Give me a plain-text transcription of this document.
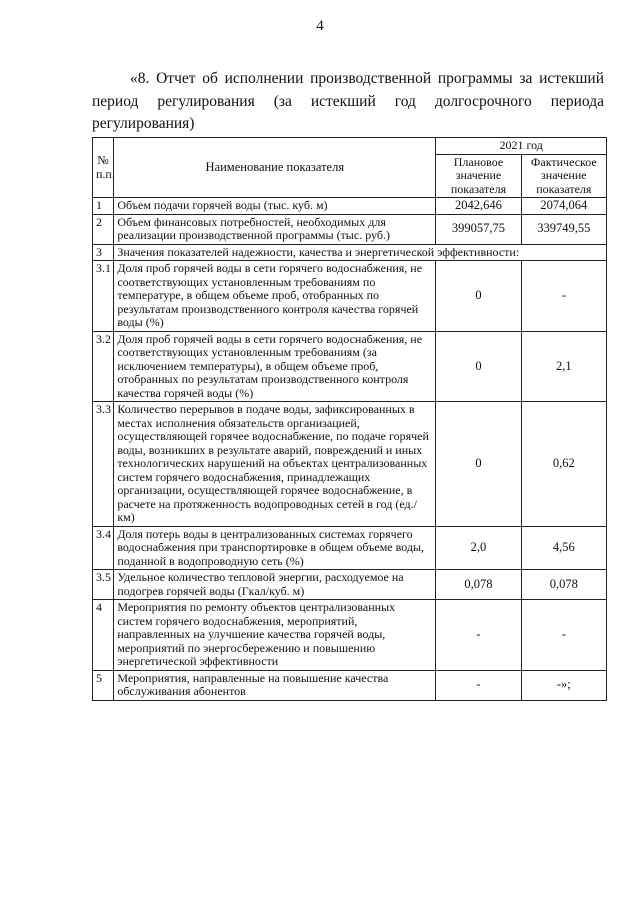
4
«8. Отчет об исполнении производственной программы за истекший
период регулирования (за истекший год долгосрочного периода
регулирования)
№ п.п.	Наименование показателя	2021 год	
		Плановое значение показателя	Фактическое значение показателя
1	Объем подачи горячей воды (тыс. куб. м)	2042,646	2074,064
2	Объем финансовых потребностей, необходимых для реализации производственной программы (тыс. руб.)	399057,75	339749,55
3	Значения показателей надежности, качества и энергетической эффективности:		
3.1	Доля проб горячей воды в сети горячего водоснабжения, не соответствующих установленным требованиям по температуре, в общем объеме проб, отобранных по результатам производственного контроля качества горячей воды (%)	0	-
3.2	Доля проб горячей воды в сети горячего водоснабжения, не соответствующих установленным требованиям (за исключением температуры), в общем объеме проб, отобранных по результатам производственного контроля качества горячей воды (%)	0	2,1
3.3	Количество перерывов в подаче воды, зафиксированных в местах исполнения обязательств организацией, осуществляющей горячее водоснабжение, по подаче горячей воды, возникших в результате аварий, повреждений и иных технологических нарушений на объектах централизованных систем горячего водоснабжения, принадлежащих организации, осуществляющей горячее водоснабжение, в расчете на протяженность водопроводных сетей в год (ед./км)	0	0,62
3.4	Доля потерь воды в централизованных системах горячего водоснабжения при транспортировке в общем объеме воды, поданной в водопроводную сеть (%)	2,0	4,56
3.5	Удельное количество тепловой энергии, расходуемое на подогрев горячей воды (Гкал/куб. м)	0,078	0,078
4	Мероприятия по ремонту объектов централизованных систем горячего водоснабжения, мероприятий, направленных на улучшение качества горячей воды, мероприятий по энергосбережению и повышению энергетической эффективности	-	-
5	Мероприятия, направленные на повышение качества обслуживания абонентов	-	-»;
